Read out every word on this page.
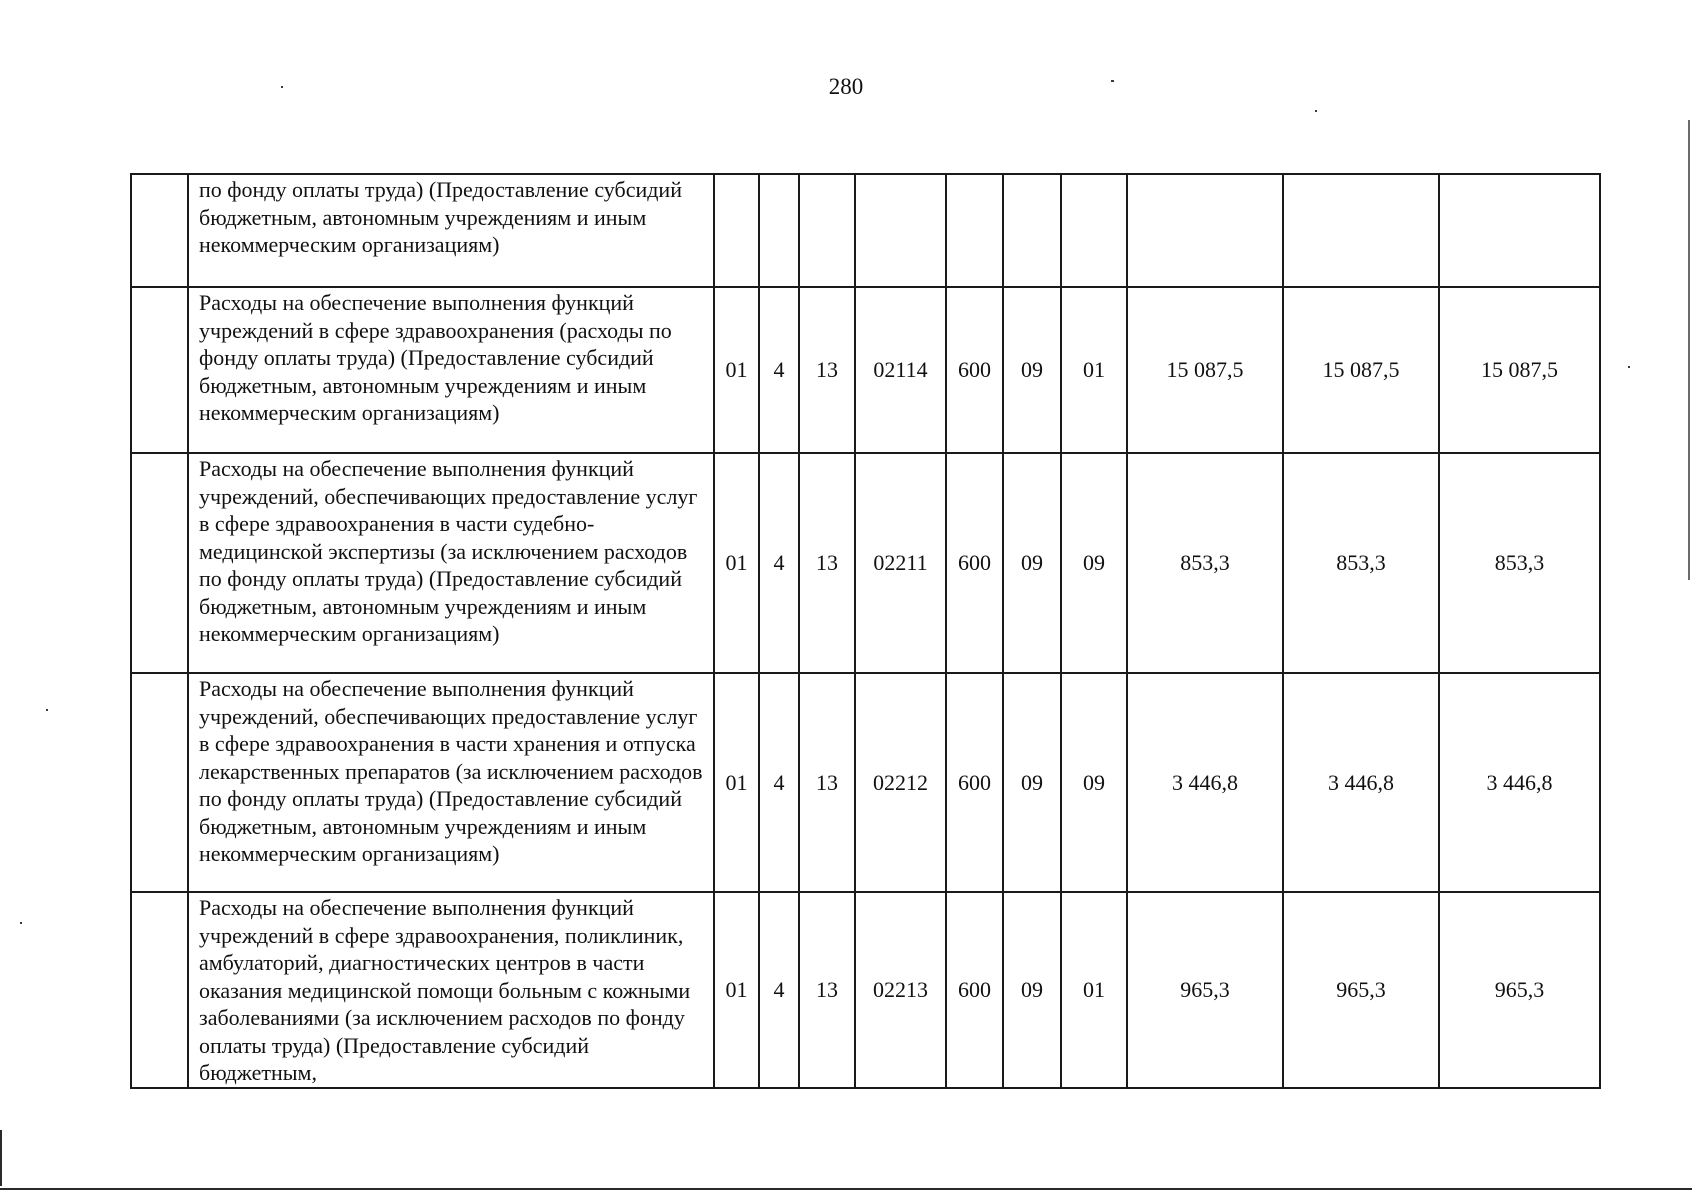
280
	по фонду оплаты труда) (Предоставление субсидий бюджетным, автономным учреждениям и иным некоммерческим организациям)										
	Расходы на обеспечение выполнения функций учреждений в сфере здравоохранения (расходы по фонду оплаты труда) (Предоставление субсидий бюджетным, автономным учреждениям и иным некоммерческим организациям)	01	4	13	02114	600	09	01	15 087,5	15 087,5	15 087,5
	Расходы на обеспечение выполнения функций учреждений, обеспечивающих предоставление услуг в сфере здравоохранения в части судебно-медицинской экспертизы (за исключением расходов по фонду оплаты труда) (Предоставление субсидий бюджетным, автономным учреждениям и иным некоммерческим организациям)	01	4	13	02211	600	09	09	853,3	853,3	853,3
	Расходы на обеспечение выполнения функций учреждений, обеспечивающих предоставление услуг в сфере здравоохранения в части хранения и отпуска лекарственных препаратов (за исключением расходов по фонду оплаты труда) (Предоставление субсидий бюджетным, автономным учреждениям и иным некоммерческим организациям)	01	4	13	02212	600	09	09	3 446,8	3 446,8	3 446,8
	Расходы на обеспечение выполнения функций учреждений в сфере здравоохранения, поликлиник, амбулаторий, диагностических центров в части оказания медицинской помощи больным с кожными заболеваниями (за исключением расходов по фонду оплаты труда) (Предоставление субсидий бюджетным,	01	4	13	02213	600	09	01	965,3	965,3	965,3
